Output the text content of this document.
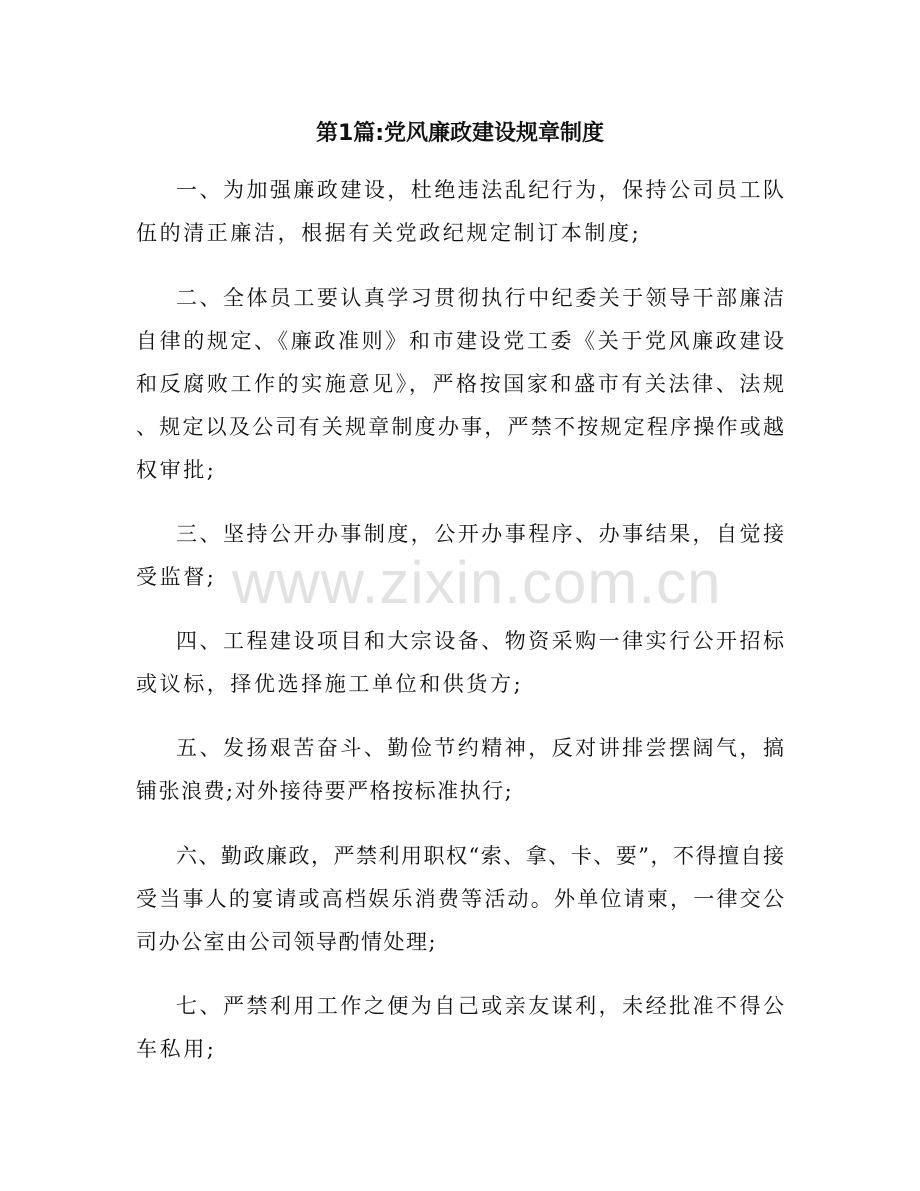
第1篇:党风廉政建设规章制度
www.zixin.com.cn
一、为加强廉政建设，杜绝违法乱纪行为，保持公司员工队
伍的清正廉洁，根据有关党政纪规定制订本制度;
二、全体员工要认真学习贯彻执行中纪委关于领导干部廉洁
自律的规定、《廉政准则》和市建设党工委《关于党风廉政建设
和反腐败工作的实施意见》，严格按国家和盛市有关法律、法规
、规定以及公司有关规章制度办事，严禁不按规定程序操作或越
权审批;
三、坚持公开办事制度，公开办事程序、办事结果，自觉接
受监督;
四、工程建设项目和大宗设备、物资采购一律实行公开招标
或议标，择优选择施工单位和供货方;
五、发扬艰苦奋斗、勤俭节约精神，反对讲排尝摆阔气，搞
铺张浪费;对外接待要严格按标准执行;
六、勤政廉政，严禁利用职权“索、拿、卡、要”，不得擅自接
受当事人的宴请或高档娱乐消费等活动。外单位请柬，一律交公
司办公室由公司领导酌情处理;
七、严禁利用工作之便为自己或亲友谋利，未经批准不得公
车私用;
